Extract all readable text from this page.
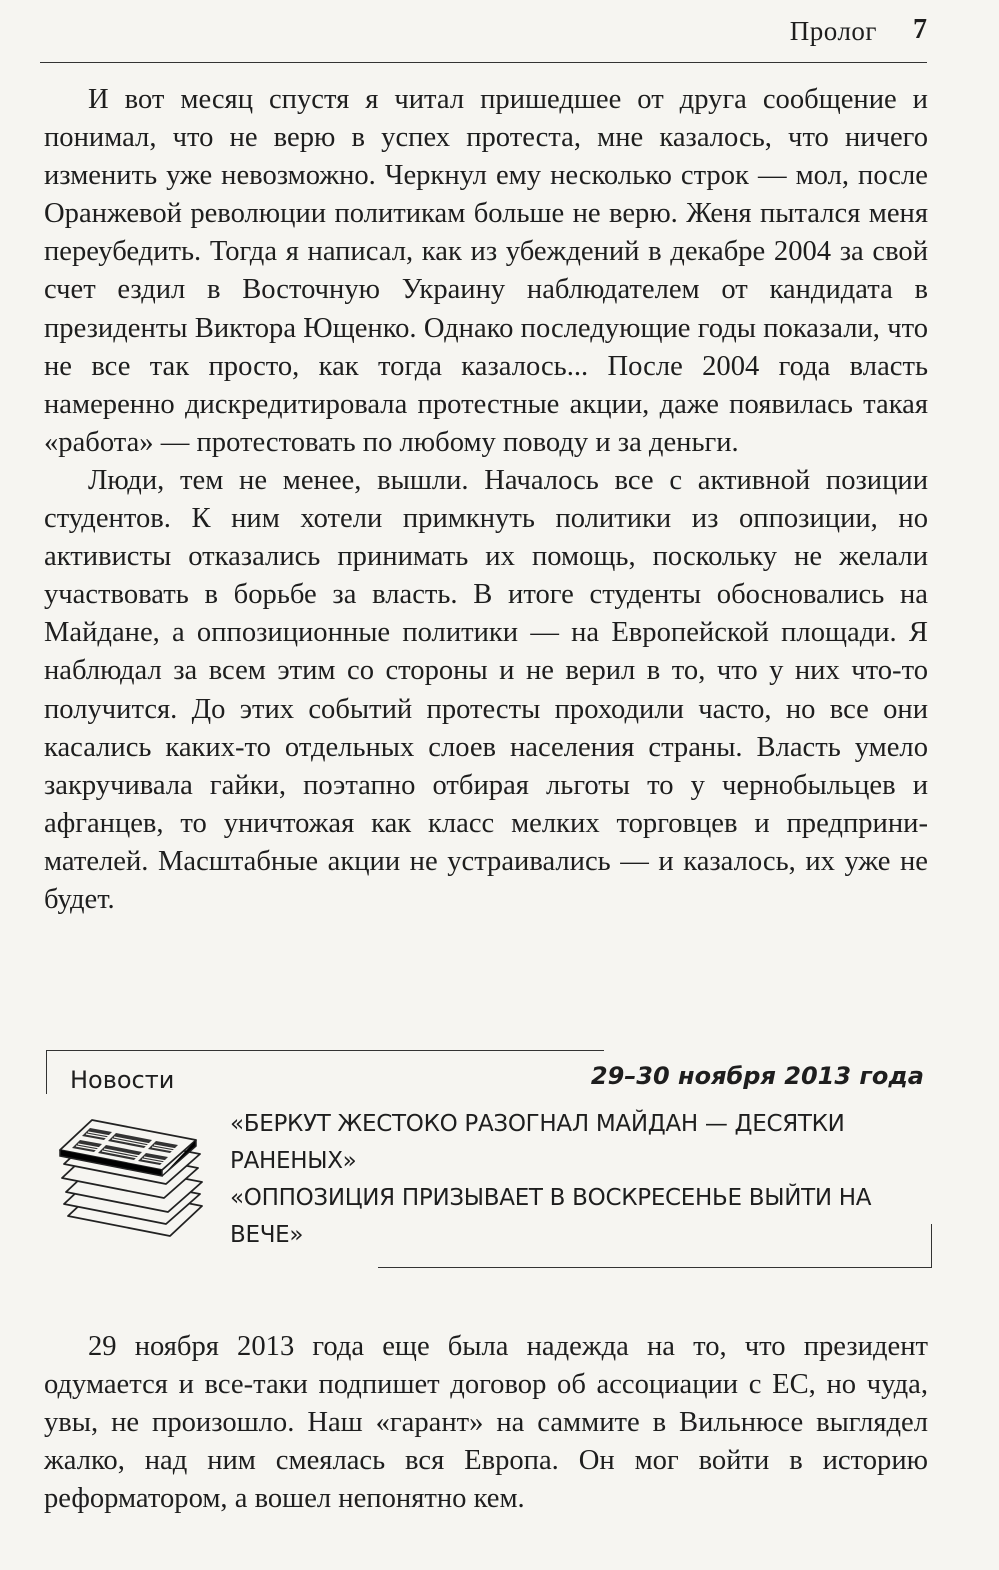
Пролог 7

И вот месяц спустя я читал пришедшее от друга сообщение и понимал, что не верю в успех протеста, мне казалось, что ничего изменить уже невозможно. Черкнул ему несколько строк — мол, после Оранжевой революции политикам больше не верю. Женя пытался меня переубедить. Тогда я написал, как из убеждений в декабре 2004 за свой счет ездил в Восточную Украину наблюдателем от кандидата в президенты Виктора Ющенко. Однако последующие годы показали, что не все так просто, как тогда казалось... После 2004 года власть намеренно дискредитировала протестные акции, даже появилась такая «работа» — протестовать по любому поводу и за деньги.

Люди, тем не менее, вышли. Началось все с активной позиции студентов. К ним хотели примкнуть политики из оппозиции, но активисты отказались принимать их помощь, поскольку не желали участвовать в борьбе за власть. В итоге студенты обосновались на Майдане, а оппозиционные политики — на Европейской площади. Я наблюдал за всем этим со стороны и не верил в то, что у них что-то получится. До этих событий протесты проходили часто, но все они касались каких-то отдельных слоев населения страны. Власть умело закручивала гайки, поэтапно отбирая льготы то у чернобыльцев и афганцев, то уничтожая как класс мелких торговцев и предпринимателей. Масштабные акции не устраивались — и казалось, их уже не будет.

Новости	29–30 ноября 2013 года

«БЕРКУТ ЖЕСТОКО РАЗОГНАЛ МАЙДАН — ДЕСЯТКИ РАНЕНЫХ»

«ОППОЗИЦИЯ ПРИЗЫВАЕТ В ВОСКРЕСЕНЬЕ ВЫЙТИ НА ВЕЧЕ»

29 ноября 2013 года еще была надежда на то, что президент одумается и все-таки подпишет договор об ассоциации с ЕС, но чуда, увы, не произошло. Наш «гарант» на саммите в Вильнюсе выглядел жалко, над ним смеялась вся Европа. Он мог войти в историю реформатором, а вошел непонятно кем.
